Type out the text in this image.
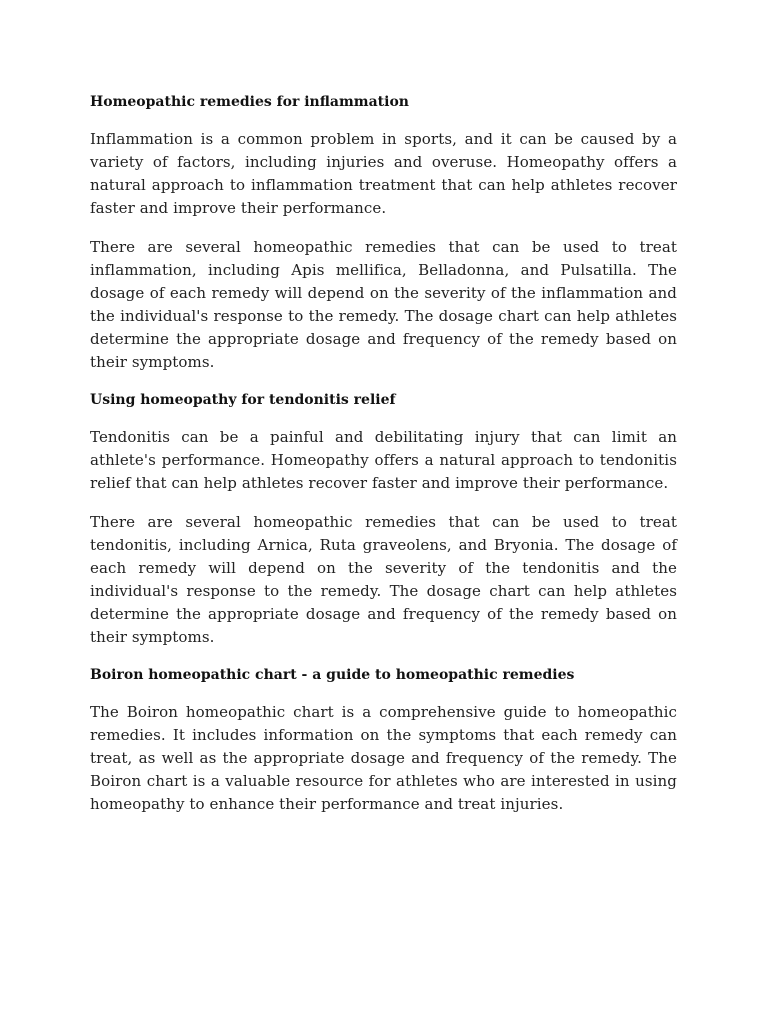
Homeopathic remedies for inflammation

Inflammation is a common problem in sports, and it can be caused by a variety of factors, including injuries and overuse. Homeopathy offers a natural approach to inflammation treatment that can help athletes recover faster and improve their performance.

There are several homeopathic remedies that can be used to treat inflammation, including Apis mellifica, Belladonna, and Pulsatilla. The dosage of each remedy will depend on the severity of the inflammation and the individual's response to the remedy. The dosage chart can help athletes determine the appropriate dosage and frequency of the remedy based on their symptoms.

Using homeopathy for tendonitis relief

Tendonitis can be a painful and debilitating injury that can limit an athlete's performance. Homeopathy offers a natural approach to tendonitis relief that can help athletes recover faster and improve their performance.

There are several homeopathic remedies that can be used to treat tendonitis, including Arnica, Ruta graveolens, and Bryonia. The dosage of each remedy will depend on the severity of the tendonitis and the individual's response to the remedy. The dosage chart can help athletes determine the appropriate dosage and frequency of the remedy based on their symptoms.

Boiron homeopathic chart - a guide to homeopathic remedies

The Boiron homeopathic chart is a comprehensive guide to homeopathic remedies. It includes information on the symptoms that each remedy can treat, as well as the appropriate dosage and frequency of the remedy. The Boiron chart is a valuable resource for athletes who are interested in using homeopathy to enhance their performance and treat injuries.
